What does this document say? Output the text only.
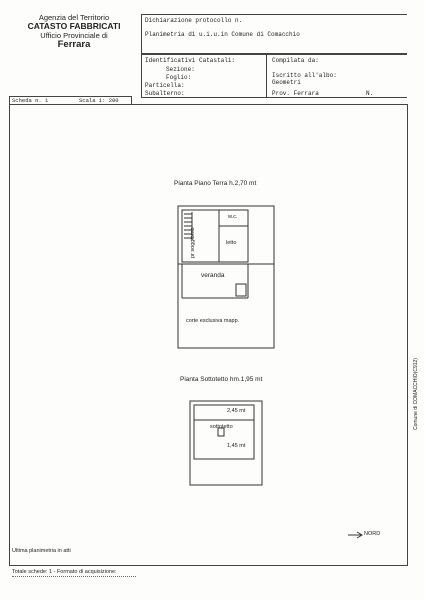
Agenzia del Territorio
CATASTO FABBRICATI
Ufficio Provinciale di
Ferrara
Dichiarazione protocollo n.
Planimetria di u.i.u.in Comune di Comacchio
Identificativi Catastali:
Sezione:
Foglio:
Particella:
Subalterno:
Compilata da:
Iscritto all'albo:
Geometri
Prov. Ferrara	N.
Scheda n. 1	Scala 1: 200
Pianta Piano Terra h.2,70 mt
w.c.
pr soggiorno	letto
veranda
corte esclusiva mapp.
Pianta Sottotetto hm.1,95 mt
2,45 mt
sottotetto
1,45 mt
NORD
Comune di COMACCHIO(C912)
Ultima planimetria in atti
Totale schede: 1 - Formato di acquisizione:
